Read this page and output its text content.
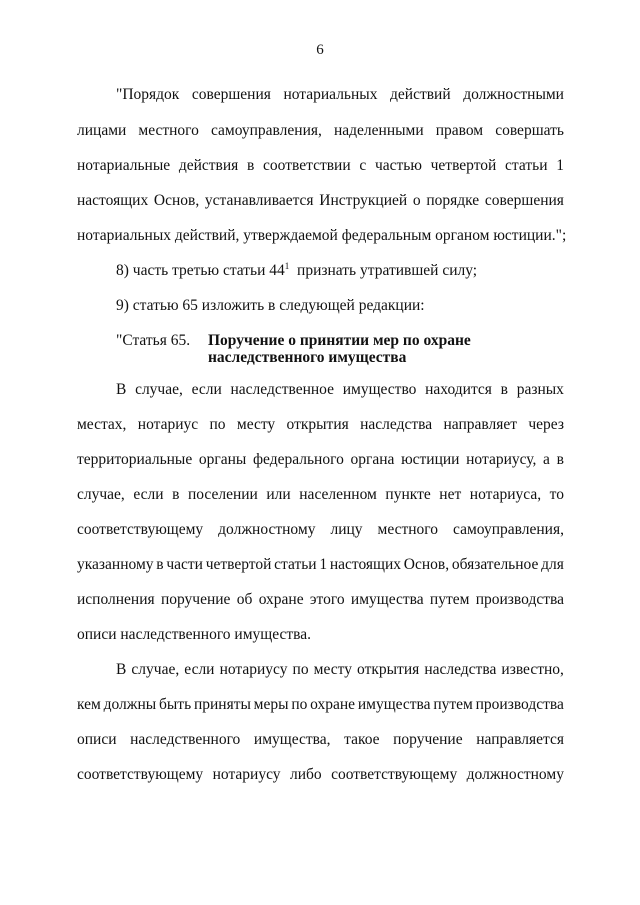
6
"Порядок совершения нотариальных действий должностными
лицами местного самоуправления, наделенными правом совершать
нотариальные действия в соответствии с частью четвертой статьи 1
настоящих Основ, устанавливается Инструкцией о порядке совершения
нотариальных действий, утверждаемой федеральным органом юстиции.";
8) часть третью статьи $44^1$  признать утратившей силу;
9) статью 65 изложить в следующей редакции:
"Статья 65. Поручение о принятии мер по охране
наследственного имущества
В случае, если наследственное имущество находится в разных
местах, нотариус по месту открытия наследства направляет через
территориальные органы федерального органа юстиции нотариусу, а в
случае, если в поселении или населенном пункте нет нотариуса, то
соответствующему должностному лицу местного самоуправления,
указанному в части четвертой статьи 1 настоящих Основ, обязательное для
исполнения поручение об охране этого имущества путем производства
описи наследственного имущества.
В случае, если нотариусу по месту открытия наследства известно,
кем должны быть приняты меры по охране имущества путем производства
описи наследственного имущества, такое поручение направляется
соответствующему нотариусу либо соответствующему должностному
